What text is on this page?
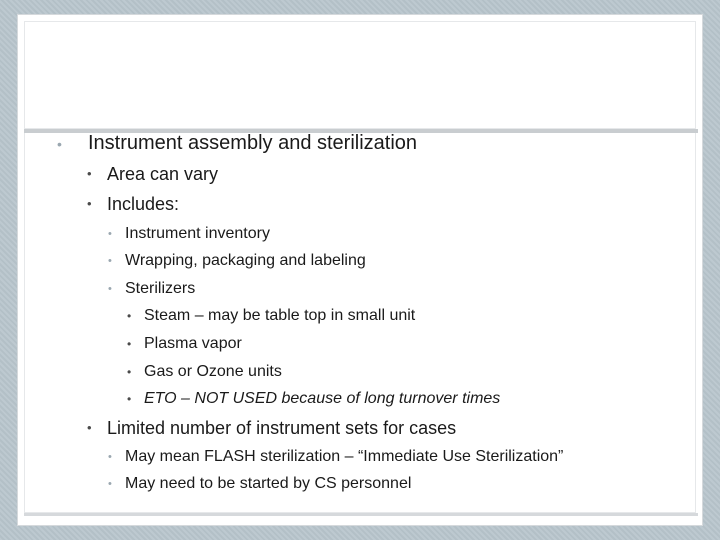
• Instrument assembly and sterilization
• Area can vary
• Includes:
• Instrument inventory
• Wrapping, packaging and labeling
• Sterilizers
• Steam – may be table top in small unit
• Plasma vapor
• Gas or Ozone units
• ETO – NOT USED because of long turnover times
• Limited number of instrument sets for cases
• May mean FLASH sterilization – “Immediate Use Sterilization”
• May need to be started by CS personnel
